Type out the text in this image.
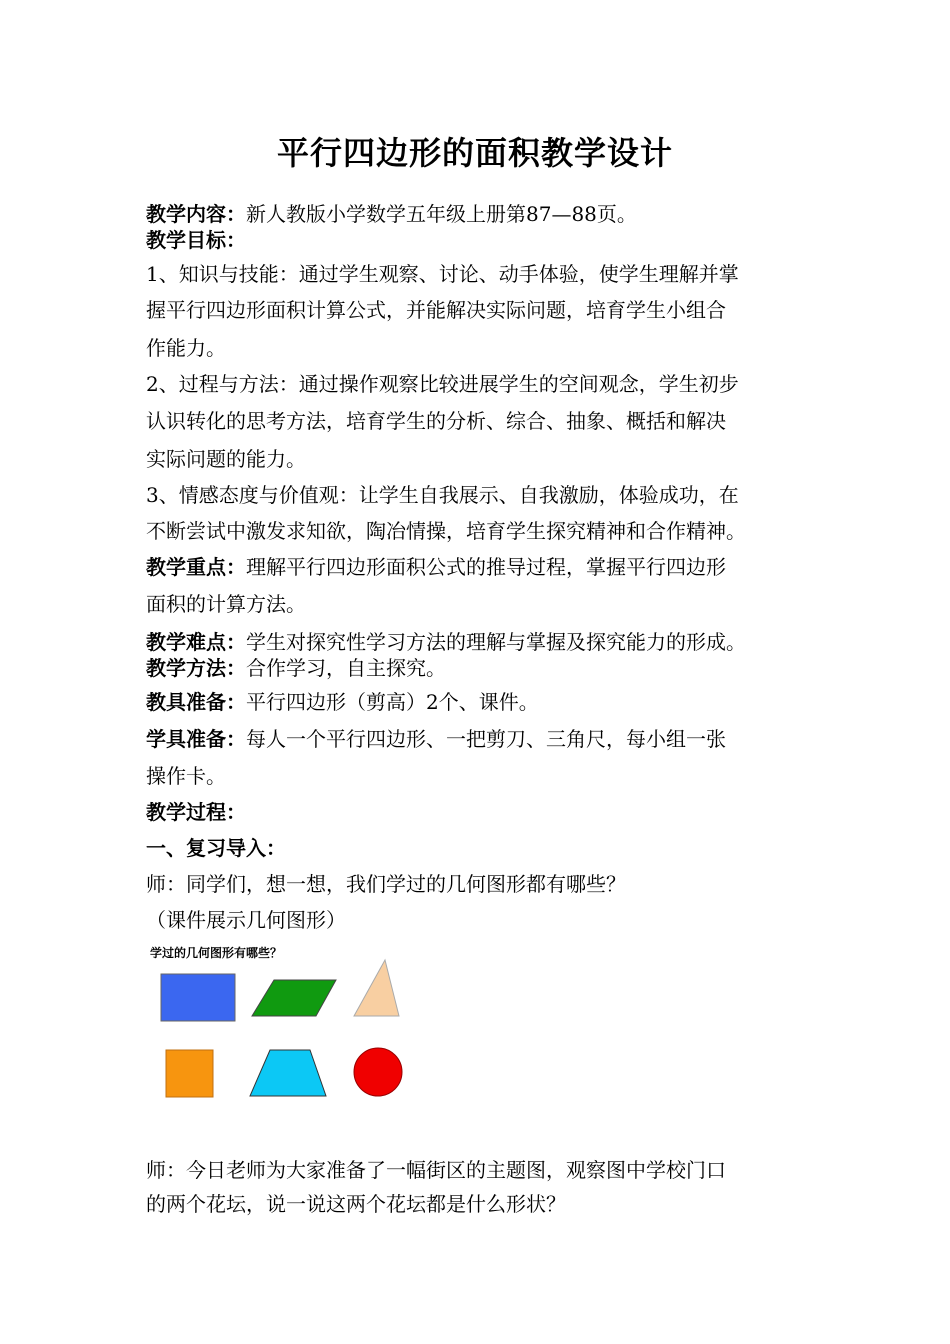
平行四边形的面积教学设计
教学内容：新人教版小学数学五年级上册第87—88页。
教学目标：
1、知识与技能：通过学生观察、讨论、动手体验，使学生理解并掌
握平行四边形面积计算公式，并能解决实际问题，培育学生小组合
作能力。
2、过程与方法：通过操作观察比较进展学生的空间观念，学生初步
认识转化的思考方法，培育学生的分析、综合、抽象、概括和解决
实际问题的能力。
3、情感态度与价值观：让学生自我展示、自我激励，体验成功，在
不断尝试中激发求知欲，陶冶情操，培育学生探究精神和合作精神。
教学重点：理解平行四边形面积公式的推导过程，掌握平行四边形
面积的计算方法。
教学难点：学生对探究性学习方法的理解与掌握及探究能力的形成。
教学方法：合作学习，自主探究。
教具准备：平行四边形（剪高）2个、课件。
学具准备：每人一个平行四边形、一把剪刀、三角尺，每小组一张
操作卡。
教学过程：
一、复习导入：
师：同学们，想一想，我们学过的几何图形都有哪些？
（课件展示几何图形）
学过的几何图形有哪些？
师：今日老师为大家准备了一幅街区的主题图，观察图中学校门口
的两个花坛，说一说这两个花坛都是什么形状？
